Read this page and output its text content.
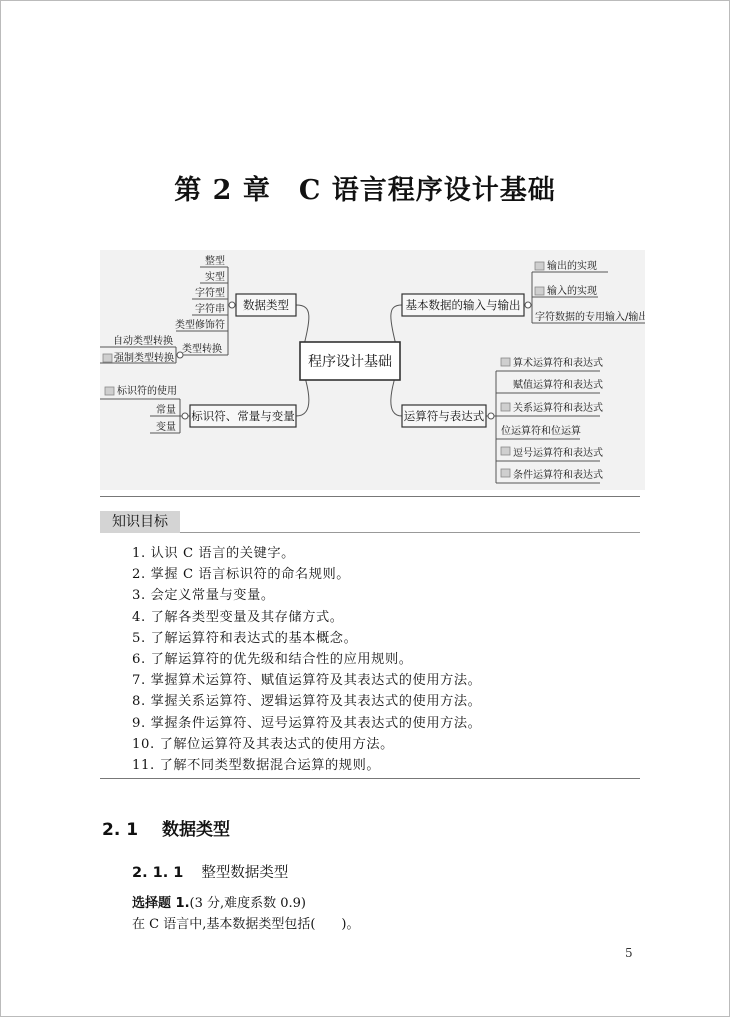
第 2 章 C 语言程序设计基础
程序设计基础
数据类型
标识符、常量与变量
基本数据的输入与输出
运算符与表达式
整型
实型
字符型
字符串
类型修饰符
类型转换
自动类型转换
强制类型转换
标识符的使用
常量
变量
输出的实现
输入的实现
字符数据的专用输入/输出
算术运算符和表达式
赋值运算符和表达式
关系运算符和表达式
位运算符和位运算
逗号运算符和表达式
条件运算符和表达式
知识目标
1. 认识 C 语言的关键字。
2. 掌握 C 语言标识符的命名规则。
3. 会定义常量与变量。
4. 了解各类型变量及其存储方式。
5. 了解运算符和表达式的基本概念。
6. 了解运算符的优先级和结合性的应用规则。
7. 掌握算术运算符、赋值运算符及其表达式的使用方法。
8. 掌握关系运算符、逻辑运算符及其表达式的使用方法。
9. 掌握条件运算符、逗号运算符及其表达式的使用方法。
10. 了解位运算符及其表达式的使用方法。
11. 了解不同类型数据混合运算的规则。
2. 1 数据类型
2. 1. 1 整型数据类型
选择题 1.(3 分,难度系数 0.9)
在 C 语言中,基本数据类型包括(　　)。
5
